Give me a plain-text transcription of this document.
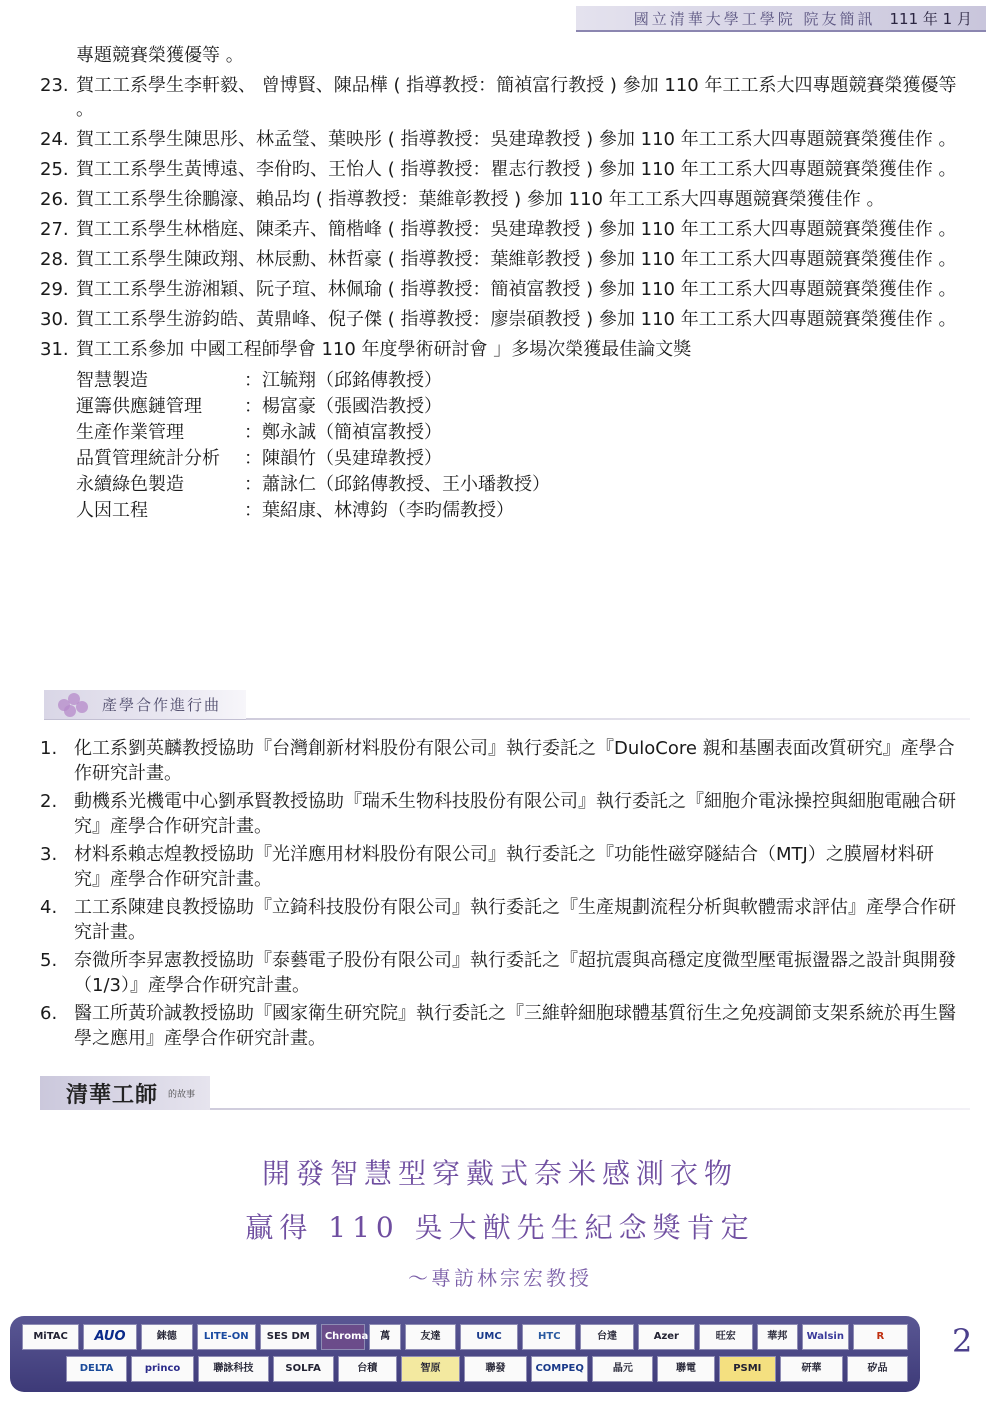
國立清華大學工學院 院友簡訊 111 年 1 月
專題競賽榮獲優等 。
23. 賀工工系學生李軒毅、 曾博賢、陳品樺 ( 指導教授：簡禎富行教授 ) 參加 110 年工工系大四專題競賽榮獲優等 。
24. 賀工工系學生陳思彤、林孟瑩、葉映彤 ( 指導教授：吳建瑋教授 ) 參加 110 年工工系大四專題競賽榮獲佳作 。
25. 賀工工系學生黃博遠、李佾昀、王怡人 ( 指導教授：瞿志行教授 ) 參加 110 年工工系大四專題競賽榮獲佳作 。
26. 賀工工系學生徐鵬濠、賴品均 ( 指導教授：葉維彰教授 ) 參加 110 年工工系大四專題競賽榮獲佳作 。
27. 賀工工系學生林楷庭、陳柔卉、簡楷峰 ( 指導教授：吳建瑋教授 ) 參加 110 年工工系大四專題競賽榮獲佳作 。
28. 賀工工系學生陳政翔、林辰勳、林哲豪 ( 指導教授：葉維彰教授 ) 參加 110 年工工系大四專題競賽榮獲佳作 。
29. 賀工工系學生游湘穎、阮子瑄、林佩瑜 ( 指導教授：簡禎富教授 ) 參加 110 年工工系大四專題競賽榮獲佳作 。
30. 賀工工系學生游鈞皓、黃鼎峰、倪子傑 ( 指導教授：廖崇碩教授 ) 參加 110 年工工系大四專題競賽榮獲佳作 。
31. 賀工工系參加 中國工程師學會 110 年度學術研討會 」多場次榮獲最佳論文獎
智慧製造	：江毓翔（邱銘傳教授）
運籌供應鏈管理	：楊富豪（張國浩教授）
生產作業管理	：鄭永誠（簡禎富教授）
品質管理統計分析	：陳韻竹（吳建瑋教授）
永續綠色製造	：蕭詠仁（邱銘傳教授、王小璠教授）
人因工程	：葉紹康、林溥鈞（李昀儒教授）
產學合作進行曲
1. 化工系劉英麟教授協助『台灣創新材料股份有限公司』執行委託之『DuloCore 親和基團表面改質研究』產學合作研究計畫。
2. 動機系光機電中心劉承賢教授協助『瑞禾生物科技股份有限公司』執行委託之『細胞介電泳操控與細胞電融合研究』產學合作研究計畫。
3. 材料系賴志煌教授協助『光洋應用材料股份有限公司』執行委託之『功能性磁穿隧結合（MTJ）之膜層材料研究』產學合作研究計畫。
4. 工工系陳建良教授協助『立錡科技股份有限公司』執行委託之『生產規劃流程分析與軟體需求評估』產學合作研究計畫。
5. 奈微所李昇憲教授協助『泰藝電子股份有限公司』執行委託之『超抗震與高穩定度微型壓電振盪器之設計與開發（1/3）』產學合作研究計畫。
6. 醫工所黃玠誠教授協助『國家衛生研究院』執行委託之『三維幹細胞球體基質衍生之免疫調節支架系統於再生醫學之應用』產學合作研究計畫。
清華工師 的故事
開發智慧型穿戴式奈米感測衣物
贏得 110 吳大猷先生紀念獎肯定
～專訪林宗宏教授
MiTAC	AUO	錸德	LITE-ON	SES DM	Chroma	萬	友達	UMC	HTC	台達	Azer	旺宏	華邦	Walsin	R
DELTA	princo	聯詠科技	SOLFA	台積	智原	聯發	COMPEQ	晶元	聯電	PSMI	研華	矽品
2
